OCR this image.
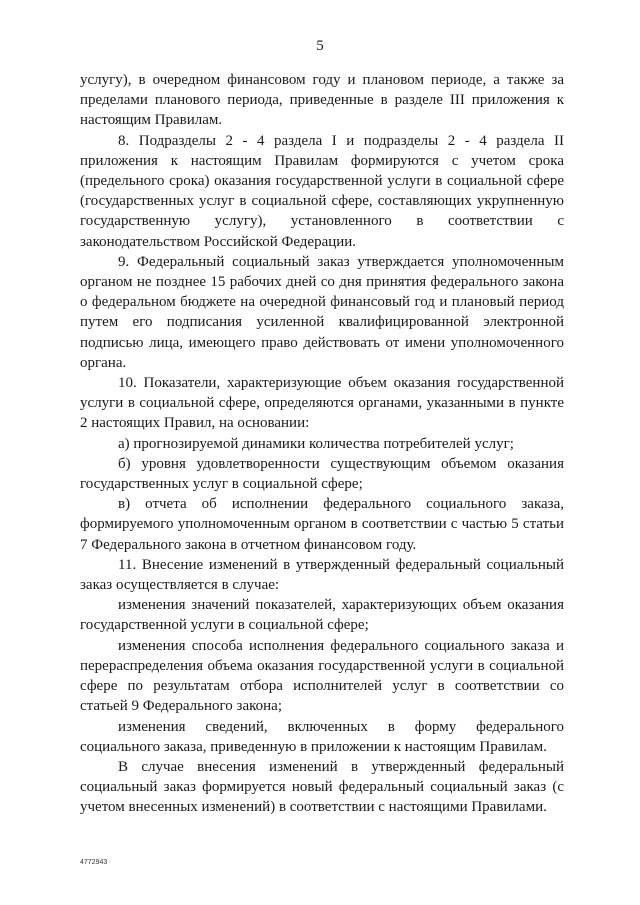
5

услугу), в очередном финансовом году и плановом периоде, а также за пределами планового периода, приведенные в разделе III приложения к настоящим Правилам.

8. Подразделы 2 - 4 раздела I и подразделы 2 - 4 раздела II приложения к настоящим Правилам формируются с учетом срока (предельного срока) оказания государственной услуги в социальной сфере (государственных услуг в социальной сфере, составляющих укрупненную государственную услугу), установленного в соответствии с законодательством Российской Федерации.

9. Федеральный социальный заказ утверждается уполномоченным органом не позднее 15 рабочих дней со дня принятия федерального закона о федеральном бюджете на очередной финансовый год и плановый период путем его подписания усиленной квалифицированной электронной подписью лица, имеющего право действовать от имени уполномоченного органа.

10. Показатели, характеризующие объем оказания государственной услуги в социальной сфере, определяются органами, указанными в пункте 2 настоящих Правил, на основании:

а) прогнозируемой динамики количества потребителей услуг;

б) уровня удовлетворенности существующим объемом оказания государственных услуг в социальной сфере;

в) отчета об исполнении федерального социального заказа, формируемого уполномоченным органом в соответствии с частью 5 статьи 7 Федерального закона в отчетном финансовом году.

11. Внесение изменений в утвержденный федеральный социальный заказ осуществляется в случае:

изменения значений показателей, характеризующих объем оказания государственной услуги в социальной сфере;

изменения способа исполнения федерального социального заказа и перераспределения объема оказания государственной услуги в социальной сфере по результатам отбора исполнителей услуг в соответствии со статьей 9 Федерального закона;

изменения сведений, включенных в форму федерального социального заказа, приведенную в приложении к настоящим Правилам.

В случае внесения изменений в утвержденный федеральный социальный заказ формируется новый федеральный социальный заказ (с учетом внесенных изменений) в соответствии с настоящими Правилами.

4772943
